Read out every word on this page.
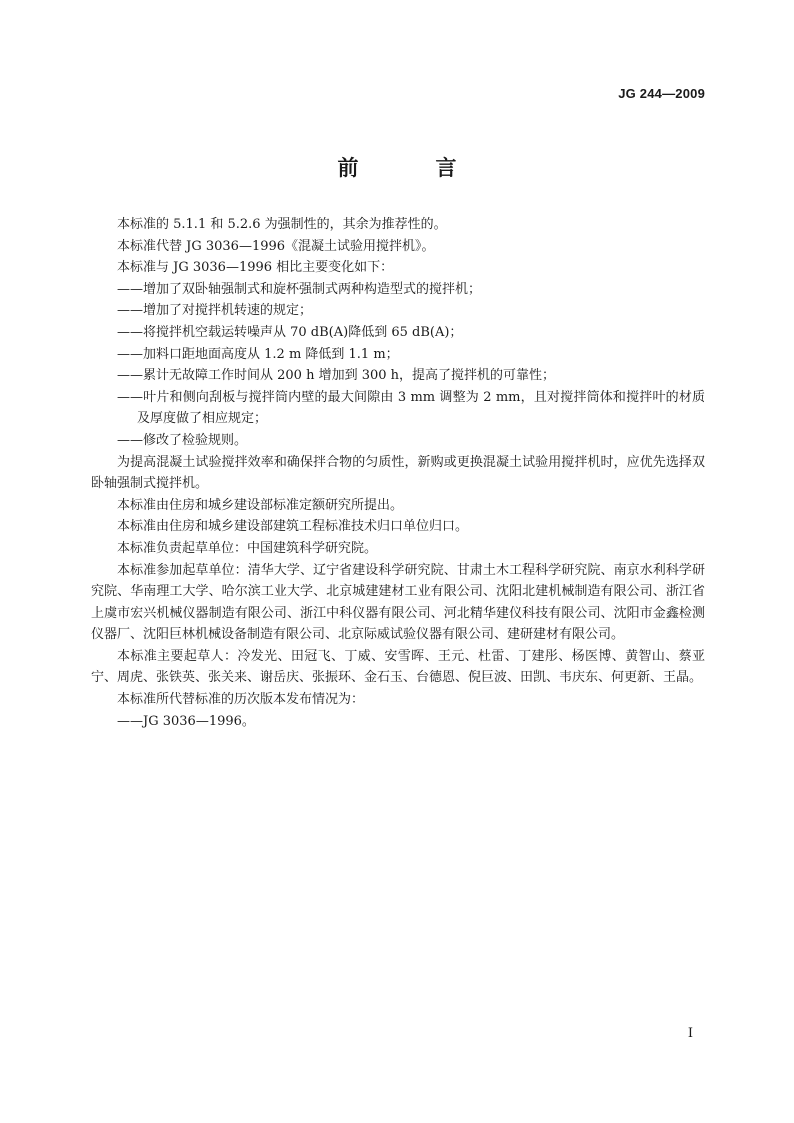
JG 244—2009
前　言

本标准的 5.1.1 和 5.2.6 为强制性的，其余为推荐性的。

本标准代替 JG 3036—1996《混凝土试验用搅拌机》。

本标准与 JG 3036—1996 相比主要变化如下：

——增加了双卧轴强制式和旋杯强制式两种构造型式的搅拌机；

——增加了对搅拌机转速的规定；

——将搅拌机空载运转噪声从 70 dB(A)降低到 65 dB(A)；

——加料口距地面高度从 1.2 m 降低到 1.1 m；

——累计无故障工作时间从 200 h 增加到 300 h，提高了搅拌机的可靠性；

——叶片和侧向刮板与搅拌筒内壁的最大间隙由 3 mm 调整为 2 mm，且对搅拌筒体和搅拌叶的材质及厚度做了相应规定；

——修改了检验规则。

为提高混凝土试验搅拌效率和确保拌合物的匀质性，新购或更换混凝土试验用搅拌机时，应优先选择双卧轴强制式搅拌机。

本标准由住房和城乡建设部标准定额研究所提出。

本标准由住房和城乡建设部建筑工程标准技术归口单位归口。

本标准负责起草单位：中国建筑科学研究院。

本标准参加起草单位：清华大学、辽宁省建设科学研究院、甘肃土木工程科学研究院、南京水利科学研究院、华南理工大学、哈尔滨工业大学、北京城建建材工业有限公司、沈阳北建机械制造有限公司、浙江省上虞市宏兴机械仪器制造有限公司、浙江中科仪器有限公司、河北精华建仪科技有限公司、沈阳市金鑫检测仪器厂、沈阳巨林机械设备制造有限公司、北京际威试验仪器有限公司、建研建材有限公司。

本标准主要起草人：冷发光、田冠飞、丁威、安雪晖、王元、杜雷、丁建彤、杨医博、黄智山、蔡亚宁、周虎、张铁英、张关来、谢岳庆、张振环、金石玉、台德恩、倪巨波、田凯、韦庆东、何更新、王晶。

本标准所代替标准的历次版本发布情况为：

——JG 3036—1996。

I
